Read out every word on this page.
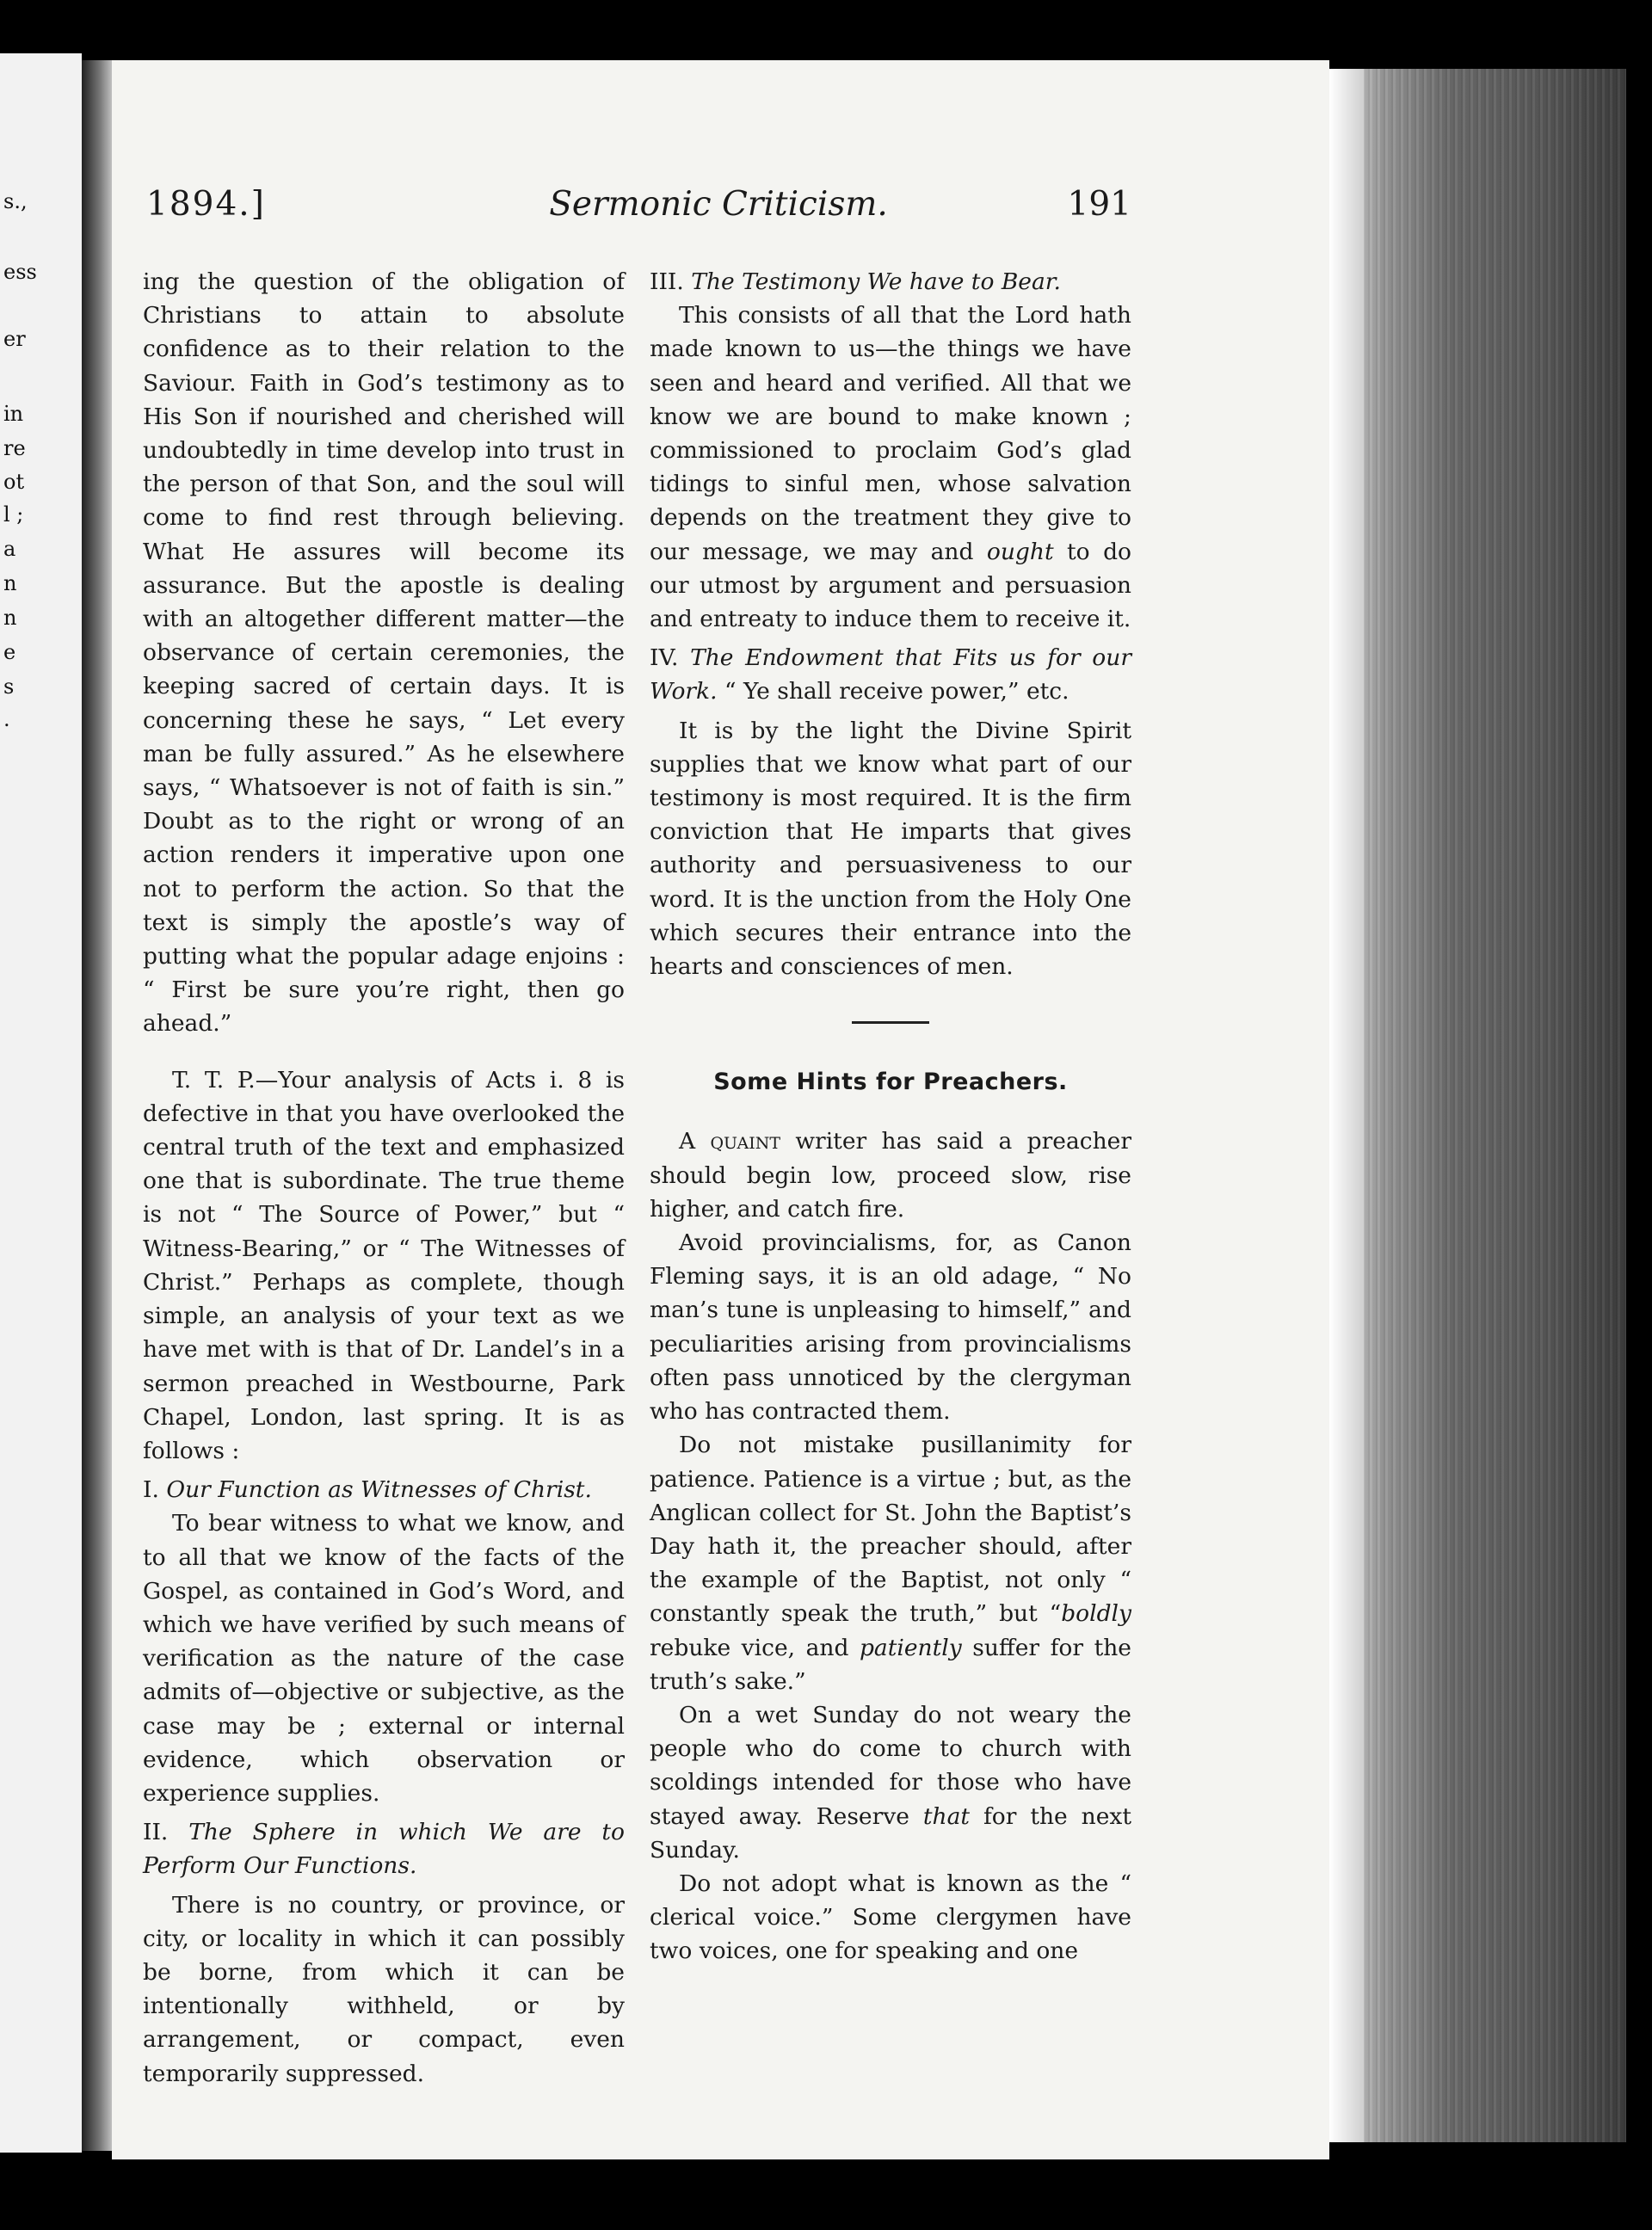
s.,
ess
er
in
re
ot
l ;
a
n
n
e
s
.
1894.]	Sermonic Criticism.	191

ing the question of the obligation of Christians to attain to absolute confidence as to their relation to the Saviour. Faith in God’s testimony as to His Son if nourished and cherished will undoubtedly in time develop into trust in the person of that Son, and the soul will come to find rest through believing. What He assures will become its assurance. But the apostle is dealing with an altogether different matter—the observance of certain ceremonies, the keeping sacred of certain days. It is concerning these he says, “ Let every man be fully assured.” As he elsewhere says, “ Whatsoever is not of faith is sin.” Doubt as to the right or wrong of an action renders it imperative upon one not to perform the action. So that the text is simply the apostle’s way of putting what the popular adage enjoins : “ First be sure you’re right, then go ahead.”

T. T. P.—Your analysis of Acts i. 8 is defective in that you have overlooked the central truth of the text and emphasized one that is subordinate. The true theme is not “ The Source of Power,” but “ Witness-Bearing,” or “ The Witnesses of Christ.” Perhaps as complete, though simple, an analysis of your text as we have met with is that of Dr. Landel’s in a sermon preached in Westbourne, Park Chapel, London, last spring. It is as follows :

I. Our Function as Witnesses of Christ.

To bear witness to what we know, and to all that we know of the facts of the Gospel, as contained in God’s Word, and which we have verified by such means of verification as the nature of the case admits of—objective or subjective, as the case may be ; external or internal evidence, which observation or experience supplies.

II. The Sphere in which We are to Perform Our Functions.

There is no country, or province, or city, or locality in which it can possibly be borne, from which it can be intentionally withheld, or by arrangement, or compact, even temporarily suppressed.

III. The Testimony We have to Bear.

This consists of all that the Lord hath made known to us—the things we have seen and heard and verified. All that we know we are bound to make known ; commissioned to proclaim God’s glad tidings to sinful men, whose salvation depends on the treatment they give to our message, we may and ought to do our utmost by argument and persuasion and entreaty to induce them to receive it.

IV. The Endowment that Fits us for our Work. “ Ye shall receive power,” etc.

It is by the light the Divine Spirit supplies that we know what part of our testimony is most required. It is the firm conviction that He imparts that gives authority and persuasiveness to our word. It is the unction from the Holy One which secures their entrance into the hearts and consciences of men.

Some Hints for Preachers.

A quaint writer has said a preacher should begin low, proceed slow, rise higher, and catch fire.

Avoid provincialisms, for, as Canon Fleming says, it is an old adage, “ No man’s tune is unpleasing to himself,” and peculiarities arising from provincialisms often pass unnoticed by the clergyman who has contracted them.

Do not mistake pusillanimity for patience. Patience is a virtue ; but, as the Anglican collect for St. John the Baptist’s Day hath it, the preacher should, after the example of the Baptist, not only “ constantly speak the truth,” but “boldly rebuke vice, and patiently suffer for the truth’s sake.”

On a wet Sunday do not weary the people who do come to church with scoldings intended for those who have stayed away. Reserve that for the next Sunday.

Do not adopt what is known as the “ clerical voice.” Some clergymen have two voices, one for speaking and one
